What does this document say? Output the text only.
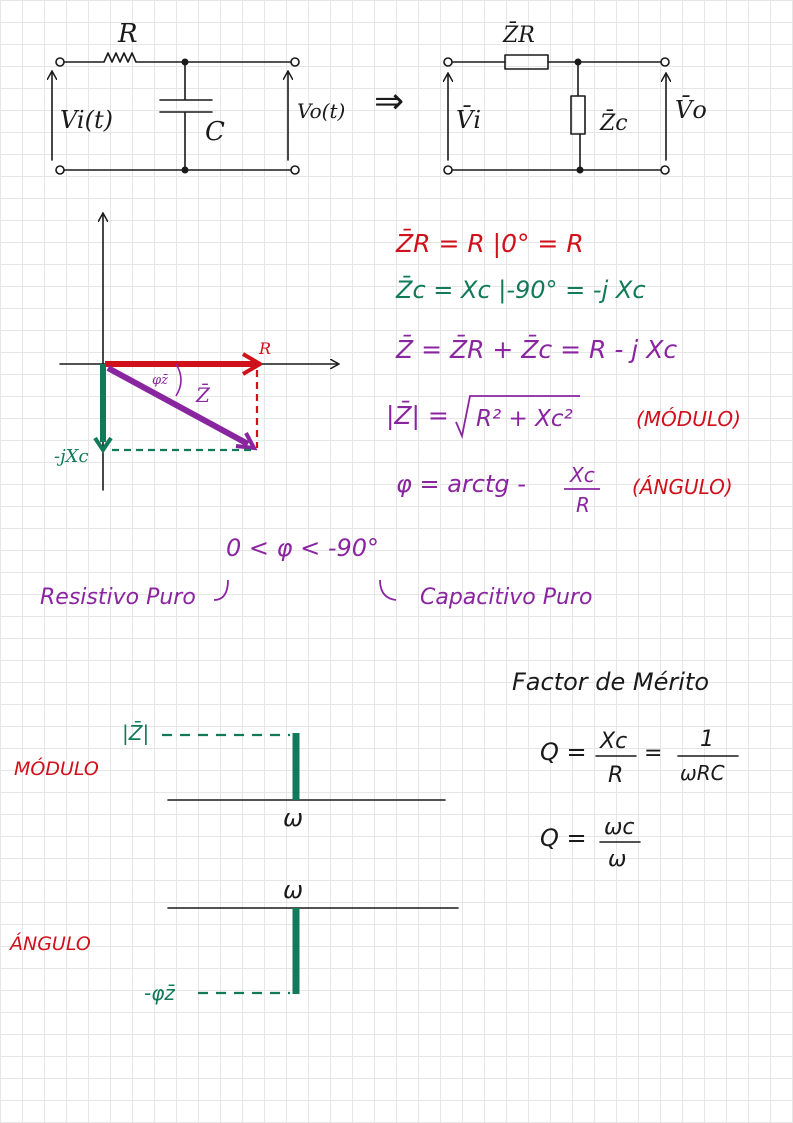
R
C
Vi(t)	Vo(t) ⇒
Z̄R
Z̄c
V̄i	V̄o
R
-jXc
Z̄
φz̄
Z̄R = R |0° = R
Z̄c = Xc |-90° = -j Xc
Z̄ = Z̄R + Z̄c = R - j Xc
|Z̄| = R² + Xc²	(MÓDULO)
φ = arctg - Xc
R
(ÁNGULO)
0 < φ < -90°
Resistivo Puro	Capacitivo Puro
Factor de Mérito
Q = Xc
R
=
1
ωRC
Q = ωc
ω
MÓDULO
|Z̄|
ω
ÁNGULO
-φz̄
ω
